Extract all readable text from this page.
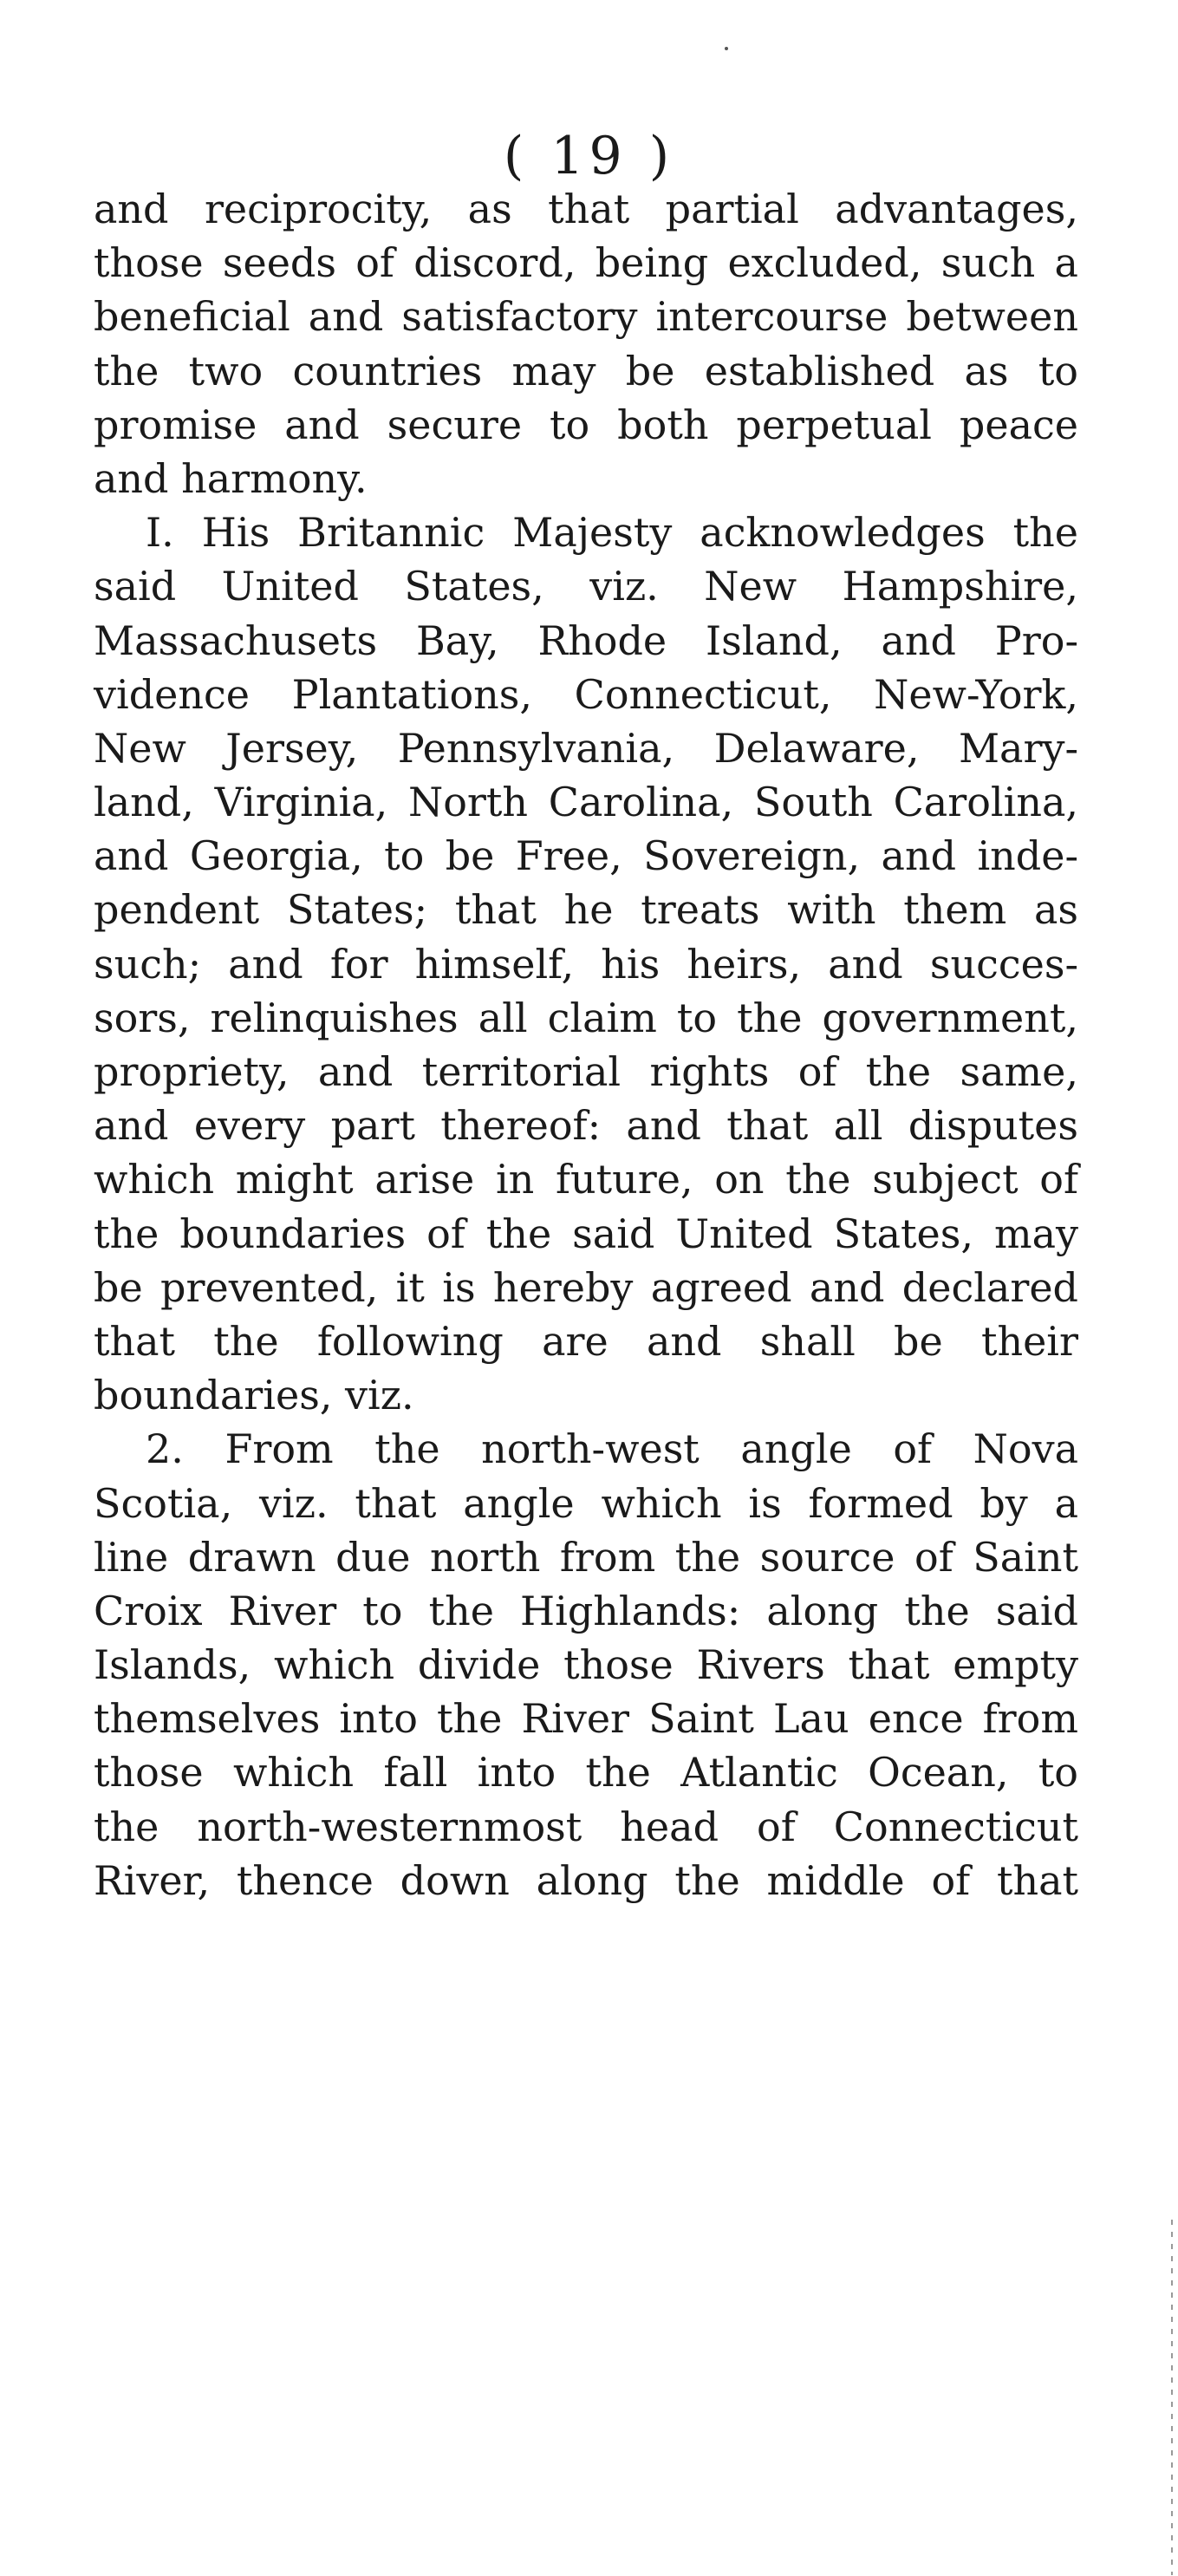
( 19 )
and reciprocity, as that partial advantages,
those seeds of discord, being excluded, such a
beneficial and satisfactory intercourse between
the two countries may be established as to
promise and secure to both perpetual peace
and harmony.
I. His Britannic Majesty acknowledges the
said United States, viz. New Hampshire,
Massachusets Bay, Rhode Island, and Pro-
vidence Plantations, Connecticut, New-York,
New Jersey, Pennsylvania, Delaware, Mary-
land, Virginia, North Carolina, South Carolina,
and Georgia, to be Free, Sovereign, and inde-
pendent States; that he treats with them as
such; and for himself, his heirs, and succes-
sors, relinquishes all claim to the government,
propriety, and territorial rights of the same,
and every part thereof: and that all disputes
which might arise in future, on the subject of
the boundaries of the said United States, may
be prevented, it is hereby agreed and declared
that the following are and shall be their
boundaries, viz.
2. From the north-west angle of Nova
Scotia, viz. that angle which is formed by a
line drawn due north from the source of Saint
Croix River to the Highlands: along the said
Islands, which divide those Rivers that empty
themselves into the River Saint Lau ence from
those which fall into the Atlantic Ocean, to
the north-westernmost head of Connecticut
River, thence down along the middle of that
